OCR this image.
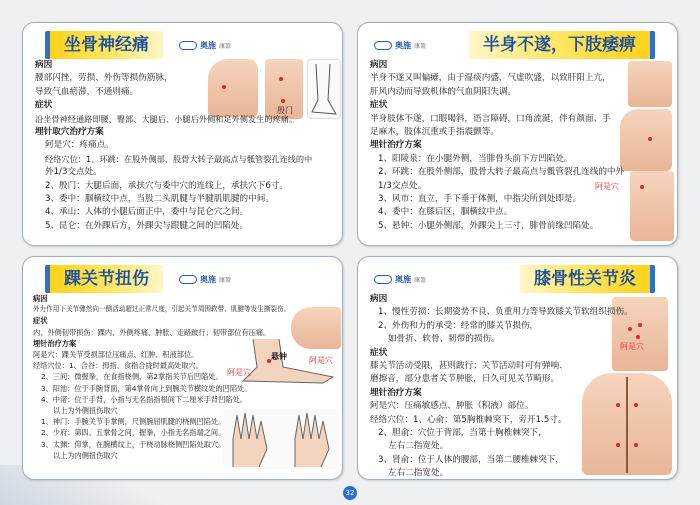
坐骨神经痛	奥施 康盈
殷门
病因
腰部闪挫，劳损、外伤等损伤筋脉，
导致气血瘀滞，不通则痛。
症状
沿坐骨神经通路即腰、臀部、大腿后、小腿后外侧和足外侧发生的疼痛。
埋针取穴治疗方案
阿是穴：疼痛点。
经络穴位：1、环跳：在股外侧部，股骨大转子最高点与骶管裂孔连线的中
外1/3交点处。
2、殷门：大腿后面，承扶穴与委中穴的连线上，承扶穴下6寸。
3、委中：腘横纹中点，当股二头肌腱与半腱肌肌腱的中间。
4、承山：人体的小腿后面正中，委中与昆仑穴之间。
5、昆仑：在外踝后方，外踝尖与跟腱之间的凹陷处。
奥施 康盈	半身不遂，下肢痿痹
阿是穴
病因
半身不遂又叫偏瘫，由于湿痰内盛，气虚吹盛，以致肝阳上亢，
肝风内动而导致机体的气血阴阳失调。
症状
半身肢体不遂，口眼喝斜，语言障碍，口角流涎，伴有颜面、手
足麻木，肢体沉重或手指震颤等。
埋针治疗方案
1、阳陵泉：在小腿外侧，当腓骨头前下方凹陷处。
2、环跳：在股外侧部，股骨大转子最高点与骶管裂孔连线的中外
1/3交点处。
3、风市：直立，手下垂于体侧，中指尖所到处即是。
4、委中：在膝后区，腘横纹中点。
5、悬钟：小腿外侧部，外踝尖上三寸，腓骨前缘凹陷处。
踝关节扭伤	奥施 康盈
悬钟	阿是穴
阿是穴
病因
外力作用下关节骤然向一侧活动超过正常尺度，引起关节周围软带、肌腱等发生撕裂伤。
症状
内、外侧韧带损伤：踝内、外侧疼痛、肿胀、走路跛行；韧带部位有压痛。
埋针治疗方案
阿是穴：踝关节受损部位压痛点、红肿、积液部位。
经络穴位：1、合谷：拇指、食指合拢时最高处取穴。
2、三间：微握拳，在食指桡侧，第2掌指关节后凹陷处。
3、阳池：位于手腕背面，第4掌骨向上到腕关节横纹处的凹陷处。
4、中渚：位于手背，小指与无名指指根间下二厘米手背凹陷处。
以上为外侧扭伤取穴
1、神门：手腕关节手掌侧，尺侧腕屈肌腱的桡侧凹陷处。
2、少府：第四、五掌骨之间，握拳，小指无名指端之间。
3、太渊：仰掌，在腕横纹上，于桡动脉桡侧凹陷处取穴。
以上为内侧扭伤取穴
奥施 康盈	膝骨性关节炎
阿是穴
病因
1、慢性劳损：长期姿势不良、负重用力等导致膝关节软组织损伤。
2、外伤和力的承受：经常的膝关节损伤，
如骨折、软骨、韧带的损伤。
症状
膝关节活动受限，甚则跛行；关节活动时可有弹响、
磨擦音，部分患者关节肿胀，日久可见关节畸形。
埋针治疗方案
阿是穴：压痛敏感点、肿胀（积液）部位。
经络穴位：1、心俞：第5胸椎棘突下，旁开1.5寸。
2、胆俞：穴位于背部，当第十胸椎棘突下，
左右二指宽处。
3、肾俞：位于人体的腰部，当第二腰椎棘突下，
左右二指宽处。
32
